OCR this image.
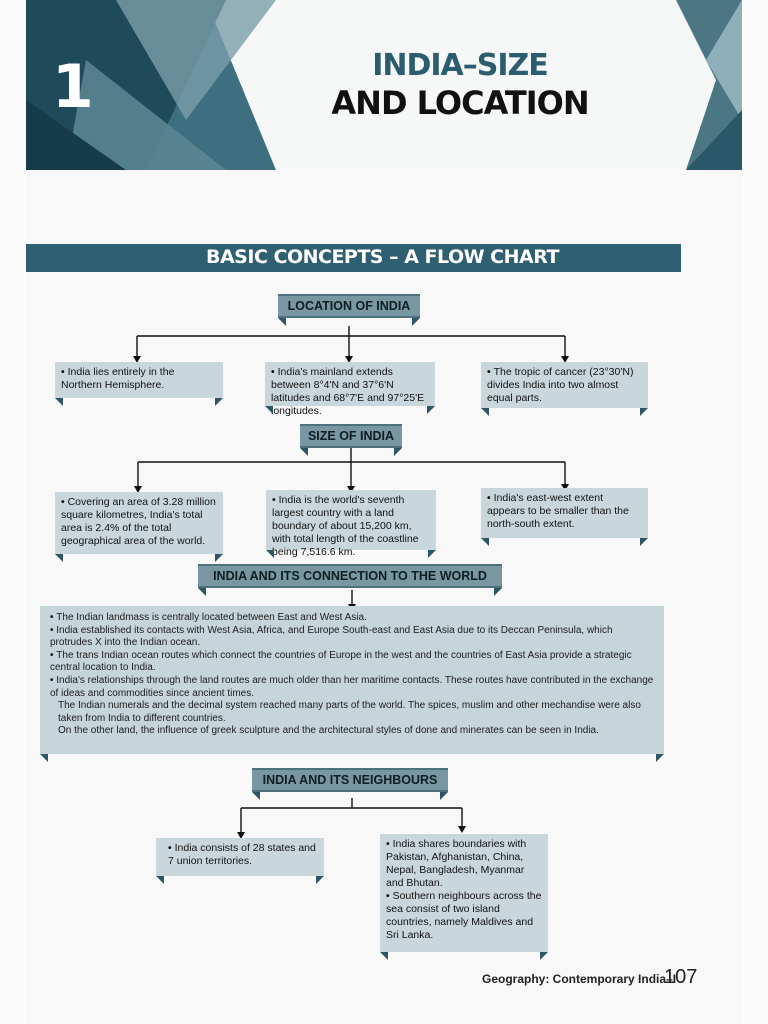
1	INDIA–SIZE
AND LOCATION
BASIC CONCEPTS – A FLOW CHART
LOCATION OF INDIA

• India lies entirely in the Northern Hemisphere.

• India's mainland extends between 8°4'N and 37°6'N latitudes and 68°7'E and 97°25'E longitudes.

• The tropic of cancer (23°30'N) divides India into two almost equal parts.

SIZE OF INDIA

• Covering an area of 3.28 million square kilometres, India's total area is 2.4% of the total geographical area of the world.

• India is the world's seventh largest country with a land boundary of about 15,200 km, with total length of the coastline being 7,516.6 km.

• India's east-west extent appears to be smaller than the north-south extent.

INDIA AND ITS CONNECTION TO THE WORLD

• The Indian landmass is centrally located between East and West Asia.

• India established its contacts with West Asia, Africa, and Europe South-east and East Asia due to its Deccan Peninsula, which protrudes X into the Indian ocean.

• The trans Indian ocean routes which connect the countries of Europe in the west and the countries of East Asia provide a strategic central location to India.

• India's relationships through the land routes are much older than her maritime contacts. These routes have contributed in the exchange of ideas and commodities since ancient times.

The Indian numerals and the decimal system reached many parts of the world. The spices, muslim and other mechandise were also taken from India to different countries.

On the other land, the influence of greek sculpture and the architectural styles of done and minerates can be seen in India.

INDIA AND ITS NEIGHBOURS

• India consists of 28 states and 7 union territories.

• India shares boundaries with Pakistan, Afghanistan, China, Nepal, Bangladesh, Myanmar and Bhutan.

• Southern neighbours across the sea consist of two island countries, namely Maldives and Sri Lanka.

Geography: Contemporary India–I
107
